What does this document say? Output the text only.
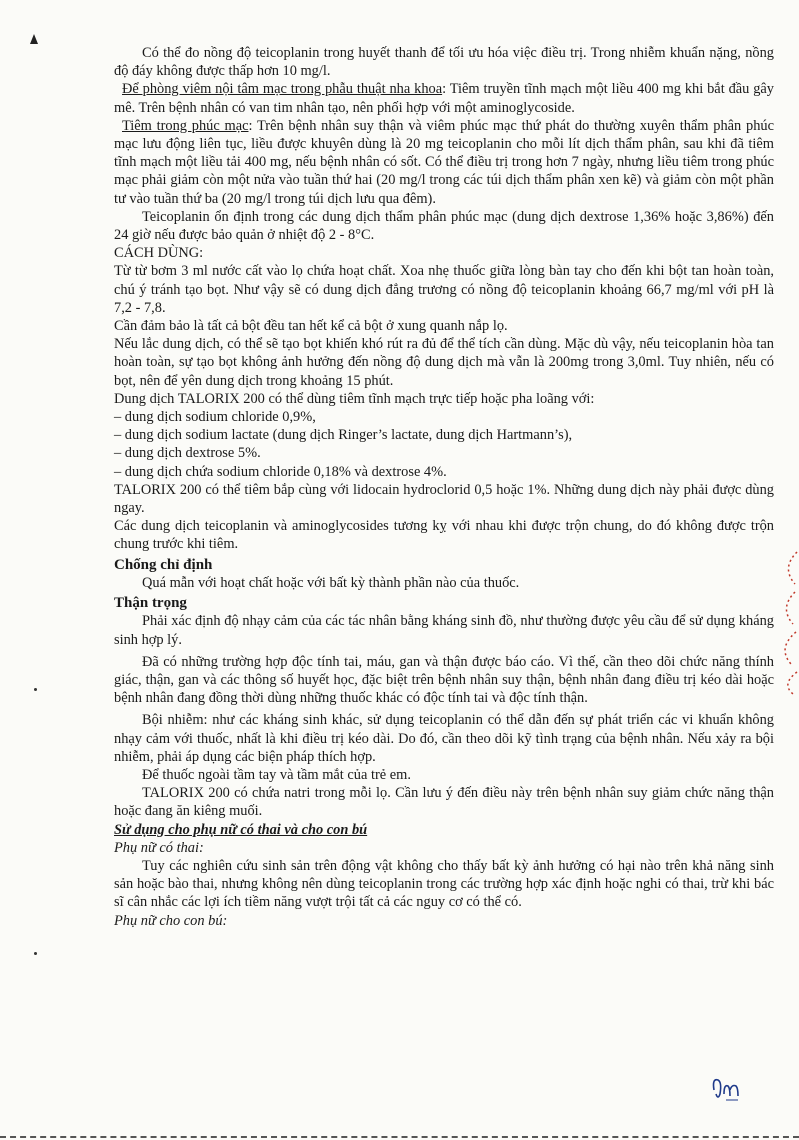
Có thể đo nồng độ teicoplanin trong huyết thanh để tối ưu hóa việc điều trị. Trong nhiễm khuẩn nặng, nồng độ đáy không được thấp hơn 10 mg/l.

Để phòng viêm nội tâm mạc trong phẫu thuật nha khoa: Tiêm truyền tĩnh mạch một liều 400 mg khi bắt đầu gây mê. Trên bệnh nhân có van tim nhân tạo, nên phối hợp với một aminoglycoside.

Tiêm trong phúc mạc: Trên bệnh nhân suy thận và viêm phúc mạc thứ phát do thường xuyên thẩm phân phúc mạc lưu động liên tục, liều được khuyên dùng là 20 mg teicoplanin cho mỗi lít dịch thẩm phân, sau khi đã tiêm tĩnh mạch một liều tải 400 mg, nếu bệnh nhân có sốt. Có thể điều trị trong hơn 7 ngày, nhưng liều tiêm trong phúc mạc phải giảm còn một nửa vào tuần thứ hai (20 mg/l trong các túi dịch thẩm phân xen kẽ) và giảm còn một phần tư vào tuần thứ ba (20 mg/l trong túi dịch lưu qua đêm).

Teicoplanin ổn định trong các dung dịch thẩm phân phúc mạc (dung dịch dextrose 1,36% hoặc 3,86%) đến 24 giờ nếu được bảo quản ở nhiệt độ 2 - 8°C.

CÁCH DÙNG:

Từ từ bơm 3 ml nước cất vào lọ chứa hoạt chất. Xoa nhẹ thuốc giữa lòng bàn tay cho đến khi bột tan hoàn toàn, chú ý tránh tạo bọt. Như vậy sẽ có dung dịch đẳng trương có nồng độ teicoplanin khoảng 66,7 mg/ml với pH là 7,2 - 7,8.

Cần đảm bảo là tất cả bột đều tan hết kể cả bột ở xung quanh nắp lọ.

Nếu lắc dung dịch, có thể sẽ tạo bọt khiến khó rút ra đủ để thể tích cần dùng. Mặc dù vậy, nếu teicoplanin hòa tan hoàn toàn, sự tạo bọt không ảnh hưởng đến nồng độ dung dịch mà vẫn là 200mg trong 3,0ml. Tuy nhiên, nếu có bọt, nên để yên dung dịch trong khoảng 15 phút.

Dung dịch TALORIX 200 có thể dùng tiêm tĩnh mạch trực tiếp hoặc pha loãng với:

– dung dịch sodium chloride 0,9%,

– dung dịch sodium lactate (dung dịch Ringer’s lactate, dung dịch Hartmann’s),

– dung dịch dextrose 5%.

– dung dịch chứa sodium chloride 0,18% và dextrose 4%.

TALORIX 200 có thể tiêm bắp cùng với lidocain hydroclorid 0,5 hoặc 1%. Những dung dịch này phải được dùng ngay.

Các dung dịch teicoplanin và aminoglycosides tương kỵ với nhau khi được trộn chung, do đó không được trộn chung trước khi tiêm.

Chống chỉ định

Quá mẫn với hoạt chất hoặc với bất kỳ thành phần nào của thuốc.

Thận trọng

Phải xác định độ nhạy cảm của các tác nhân bằng kháng sinh đồ, như thường được yêu cầu để sử dụng kháng sinh hợp lý.

Đã có những trường hợp độc tính tai, máu, gan và thận được báo cáo. Vì thế, cần theo dõi chức năng thính giác, thận, gan và các thông số huyết học, đặc biệt trên bệnh nhân suy thận, bệnh nhân đang điều trị kéo dài hoặc bệnh nhân đang đồng thời dùng những thuốc khác có độc tính tai và độc tính thận.

Bội nhiễm: như các kháng sinh khác, sử dụng teicoplanin có thể dẫn đến sự phát triển các vi khuẩn không nhạy cảm với thuốc, nhất là khi điều trị kéo dài. Do đó, cần theo dõi kỹ tình trạng của bệnh nhân. Nếu xảy ra bội nhiễm, phải áp dụng các biện pháp thích hợp.

Để thuốc ngoài tầm tay và tầm mắt của trẻ em.

TALORIX 200 có chứa natri trong mỗi lọ. Cần lưu ý đến điều này trên bệnh nhân suy giảm chức năng thận hoặc đang ăn kiêng muối.

Sử dụng cho phụ nữ có thai và cho con bú

Phụ nữ có thai:

Tuy các nghiên cứu sinh sản trên động vật không cho thấy bất kỳ ảnh hưởng có hại nào trên khả năng sinh sản hoặc bào thai, nhưng không nên dùng teicoplanin trong các trường hợp xác định hoặc nghi có thai, trừ khi bác sĩ cân nhắc các lợi ích tiềm năng vượt trội tất cả các nguy cơ có thể có.

Phụ nữ cho con bú:
